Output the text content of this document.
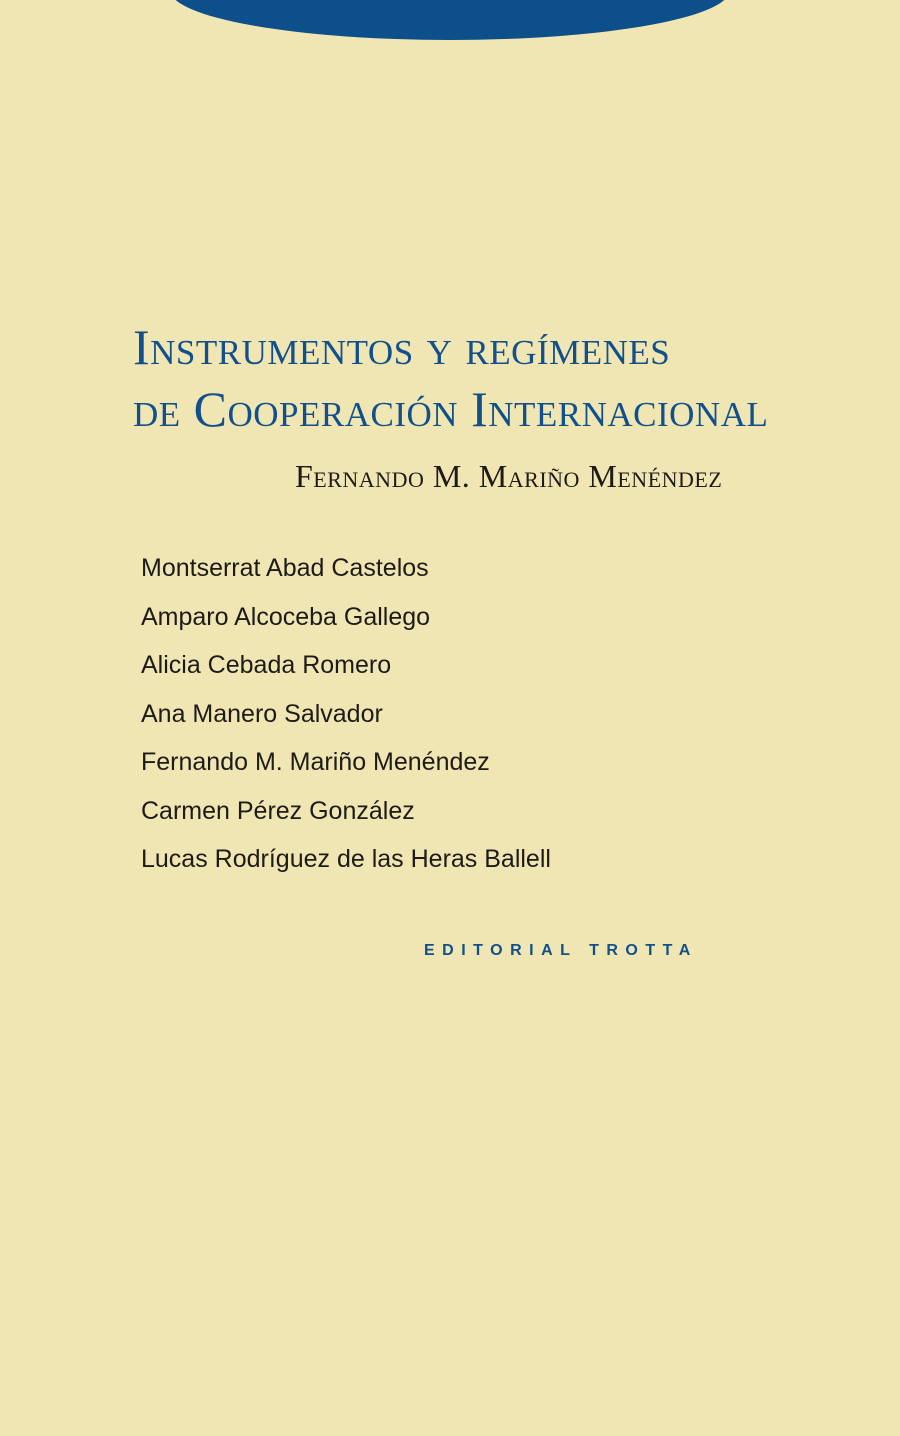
Instrumentos y regímenes
de Cooperación Internacional
Fernando M. Mariño Menéndez
Montserrat Abad Castelos
Amparo Alcoceba Gallego
Alicia Cebada Romero
Ana Manero Salvador
Fernando M. Mariño Menéndez
Carmen Pérez González
Lucas Rodríguez de las Heras Ballell
EDITORIAL TROTTA
